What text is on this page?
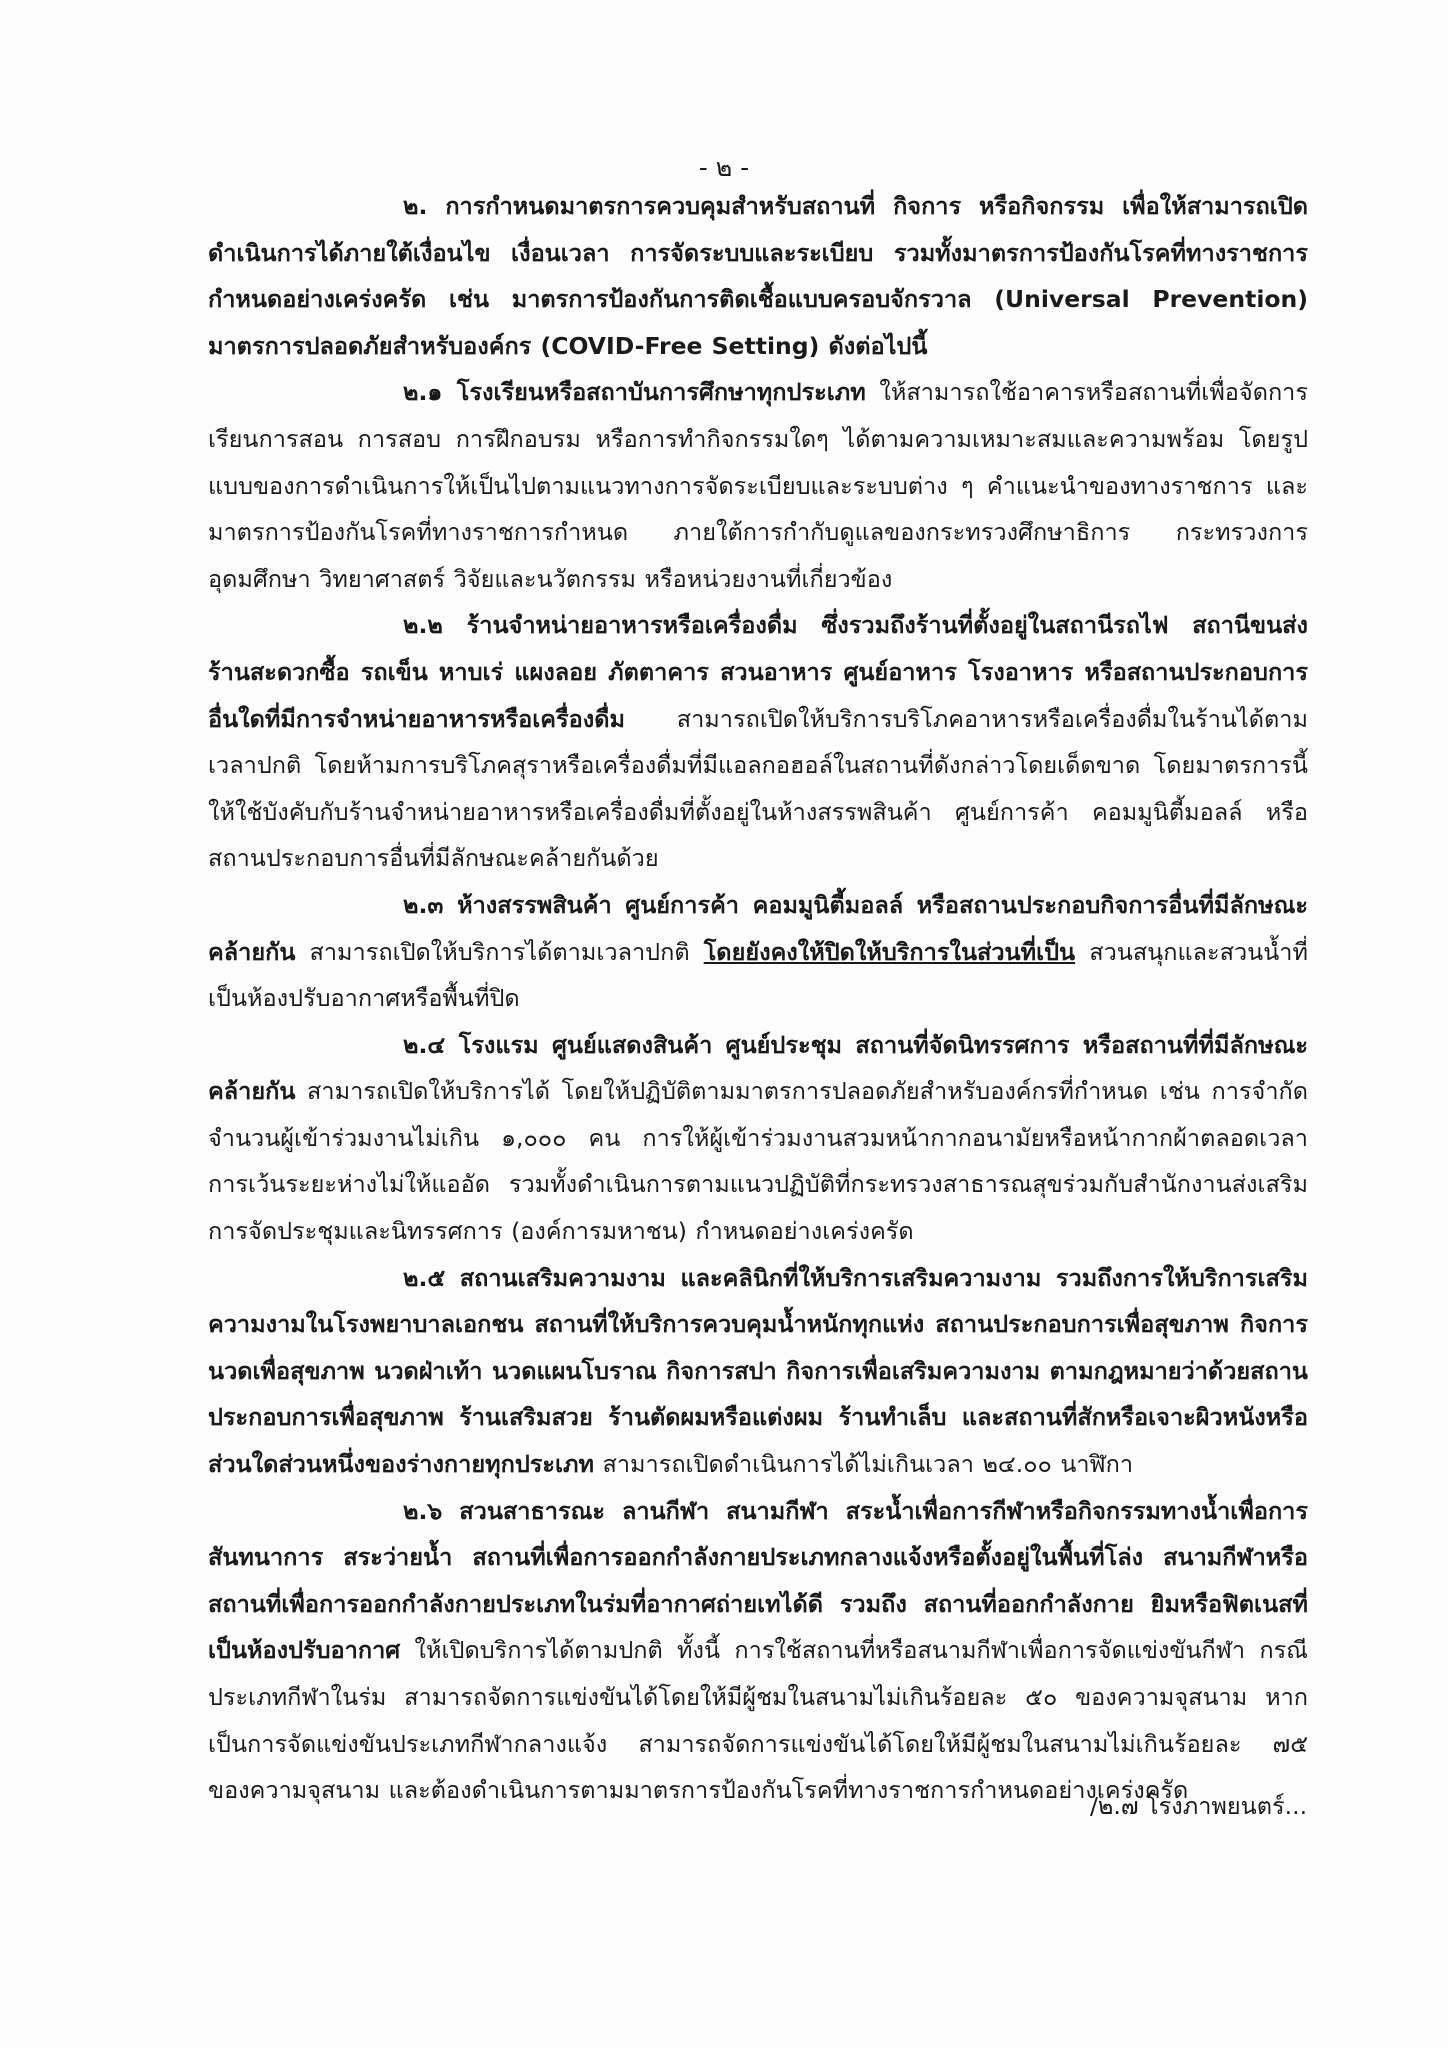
- ๒ -

๒. การกำหนดมาตรการควบคุมสำหรับสถานที่ กิจการ หรือกิจกรรม เพื่อให้สามารถเปิดดำเนินการได้ภายใต้เงื่อนไข เงื่อนเวลา การจัดระบบและระเบียบ รวมทั้งมาตรการป้องกันโรคที่ทางราชการกำหนดอย่างเคร่งครัด เช่น มาตรการป้องกันการติดเชื้อแบบครอบจักรวาล (Universal Prevention) มาตรการปลอดภัยสำหรับองค์กร (COVID-Free Setting) ดังต่อไปนี้

๒.๑ โรงเรียนหรือสถาบันการศึกษาทุกประเภท ให้สามารถใช้อาคารหรือสถานที่เพื่อจัดการเรียนการสอน การสอบ การฝึกอบรม หรือการทำกิจกรรมใดๆ ได้ตามความเหมาะสมและความพร้อม โดยรูปแบบของการดำเนินการให้เป็นไปตามแนวทางการจัดระเบียบและระบบต่าง ๆ คำแนะนำของทางราชการ และมาตรการป้องกันโรคที่ทางราชการกำหนด ภายใต้การกำกับดูแลของกระทรวงศึกษาธิการ กระทรวงการอุดมศึกษา วิทยาศาสตร์ วิจัยและนวัตกรรม หรือหน่วยงานที่เกี่ยวข้อง

๒.๒ ร้านจำหน่ายอาหารหรือเครื่องดื่ม ซึ่งรวมถึงร้านที่ตั้งอยู่ในสถานีรถไฟ สถานีขนส่ง ร้านสะดวกซื้อ รถเข็น หาบเร่ แผงลอย ภัตตาคาร สวนอาหาร ศูนย์อาหาร โรงอาหาร หรือสถานประกอบการอื่นใดที่มีการจำหน่ายอาหารหรือเครื่องดื่ม สามารถเปิดให้บริการบริโภคอาหารหรือเครื่องดื่มในร้านได้ตามเวลาปกติ โดยห้ามการบริโภคสุราหรือเครื่องดื่มที่มีแอลกอฮอล์ในสถานที่ดังกล่าวโดยเด็ดขาด โดยมาตรการนี้ให้ใช้บังคับกับร้านจำหน่ายอาหารหรือเครื่องดื่มที่ตั้งอยู่ในห้างสรรพสินค้า ศูนย์การค้า คอมมูนิตี้มอลล์ หรือสถานประกอบการอื่นที่มีลักษณะคล้ายกันด้วย

๒.๓ ห้างสรรพสินค้า ศูนย์การค้า คอมมูนิตี้มอลล์ หรือสถานประกอบกิจการอื่นที่มีลักษณะคล้ายกัน สามารถเปิดให้บริการได้ตามเวลาปกติ โดยยังคงให้ปิดให้บริการในส่วนที่เป็น สวนสนุกและสวนน้ำที่เป็นห้องปรับอากาศหรือพื้นที่ปิด

๒.๔ โรงแรม ศูนย์แสดงสินค้า ศูนย์ประชุม สถานที่จัดนิทรรศการ หรือสถานที่ที่มีลักษณะคล้ายกัน สามารถเปิดให้บริการได้ โดยให้ปฏิบัติตามมาตรการปลอดภัยสำหรับองค์กรที่กำหนด เช่น การจำกัดจำนวนผู้เข้าร่วมงานไม่เกิน ๑,๐๐๐ คน การให้ผู้เข้าร่วมงานสวมหน้ากากอนามัยหรือหน้ากากผ้าตลอดเวลา การเว้นระยะห่างไม่ให้แออัด รวมทั้งดำเนินการตามแนวปฏิบัติที่กระทรวงสาธารณสุขร่วมกับสำนักงานส่งเสริมการจัดประชุมและนิทรรศการ (องค์การมหาชน) กำหนดอย่างเคร่งครัด

๒.๕ สถานเสริมความงาม และคลินิกที่ให้บริการเสริมความงาม รวมถึงการให้บริการเสริมความงามในโรงพยาบาลเอกชน สถานที่ให้บริการควบคุมน้ำหนักทุกแห่ง สถานประกอบการเพื่อสุขภาพ กิจการนวดเพื่อสุขภาพ นวดฝ่าเท้า นวดแผนโบราณ กิจการสปา กิจการเพื่อเสริมความงาม ตามกฎหมายว่าด้วยสถานประกอบการเพื่อสุขภาพ ร้านเสริมสวย ร้านตัดผมหรือแต่งผม ร้านทำเล็บ และสถานที่สักหรือเจาะผิวหนังหรือส่วนใดส่วนหนึ่งของร่างกายทุกประเภท สามารถเปิดดำเนินการได้ไม่เกินเวลา ๒๔.๐๐ นาฬิกา

๒.๖ สวนสาธารณะ ลานกีฬา สนามกีฬา สระน้ำเพื่อการกีฬาหรือกิจกรรมทางน้ำเพื่อการสันทนาการ สระว่ายน้ำ สถานที่เพื่อการออกกำลังกายประเภทกลางแจ้งหรือตั้งอยู่ในพื้นที่โล่ง สนามกีฬาหรือสถานที่เพื่อการออกกำลังกายประเภทในร่มที่อากาศถ่ายเทได้ดี รวมถึง สถานที่ออกกำลังกาย ยิมหรือฟิตเนสที่เป็นห้องปรับอากาศ ให้เปิดบริการได้ตามปกติ ทั้งนี้ การใช้สถานที่หรือสนามกีฬาเพื่อการจัดแข่งขันกีฬา กรณีประเภทกีฬาในร่ม สามารถจัดการแข่งขันได้โดยให้มีผู้ชมในสนามไม่เกินร้อยละ ๕๐ ของความจุสนาม หากเป็นการจัดแข่งขันประเภทกีฬากลางแจ้ง สามารถจัดการแข่งขันได้โดยให้มีผู้ชมในสนามไม่เกินร้อยละ ๗๕ ของความจุสนาม และต้องดำเนินการตามมาตรการป้องกันโรคที่ทางราชการกำหนดอย่างเคร่งครัด

/๒.๗ โรงภาพยนตร์...
